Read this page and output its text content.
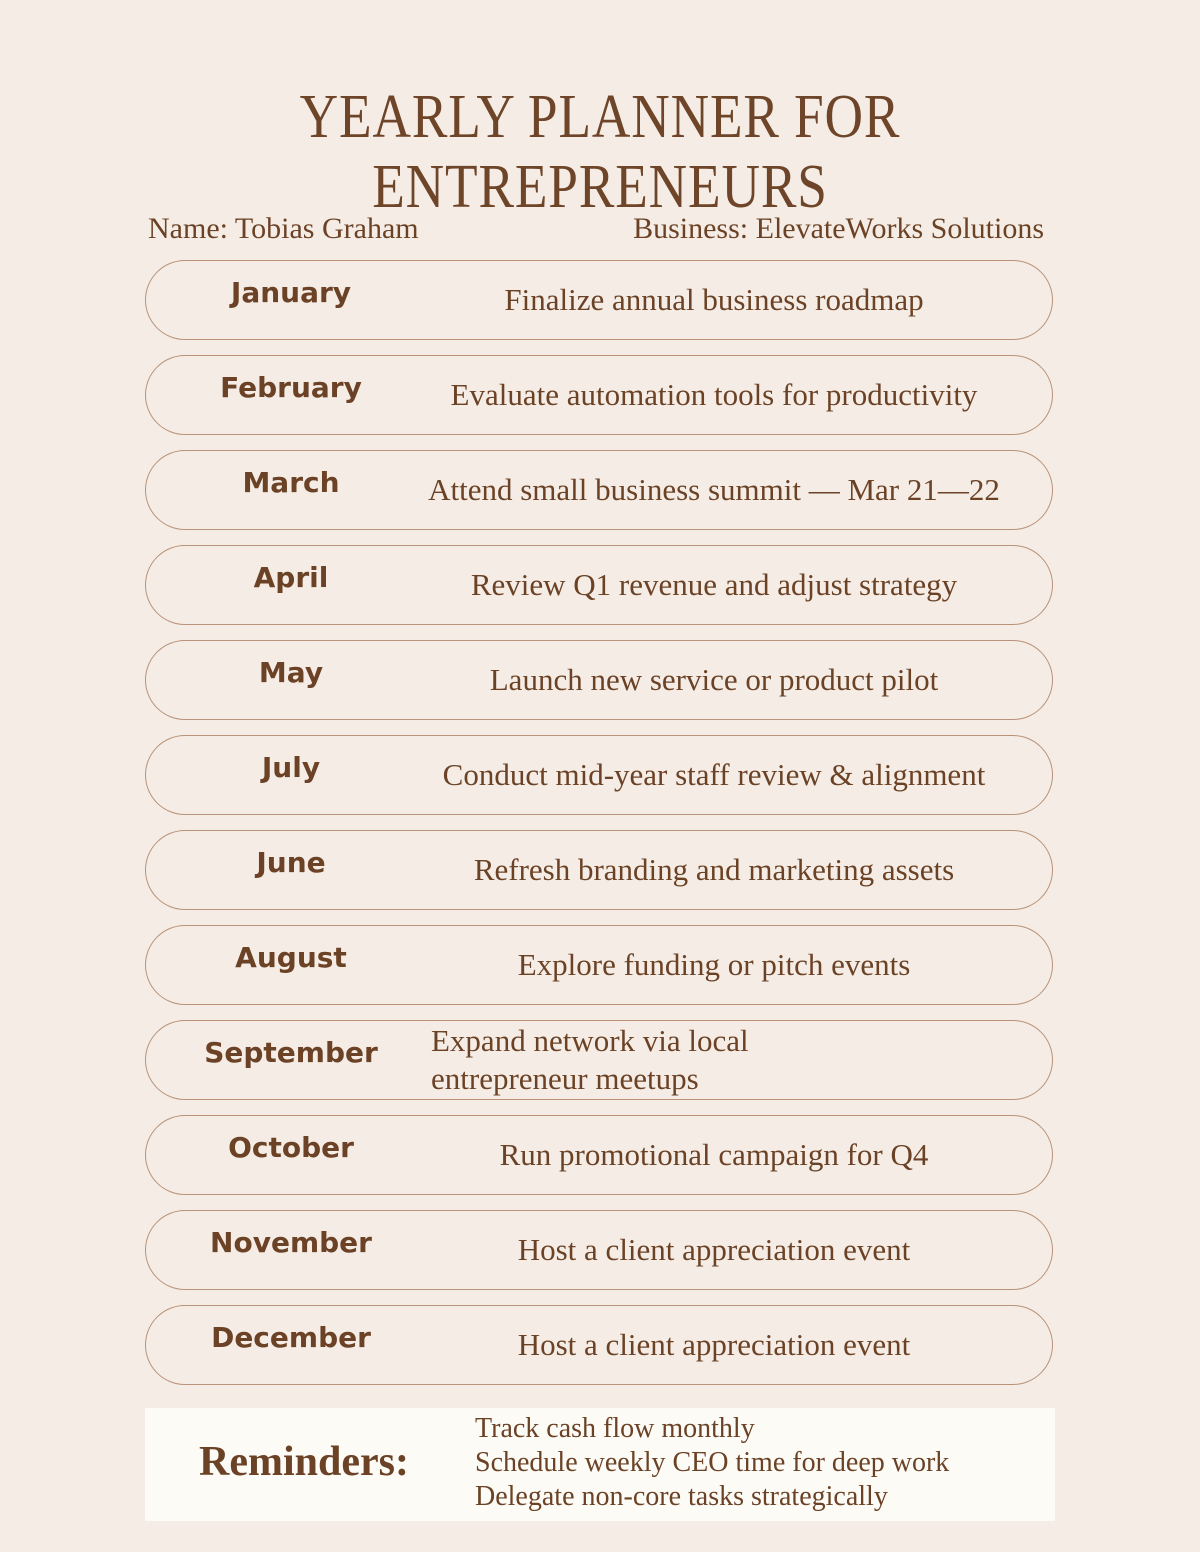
YEARLY PLANNER FOR
ENTREPRENEURS
Name: Tobias Graham	Business: ElevateWorks Solutions
January	Finalize annual business roadmap
February	Evaluate automation tools for productivity
March	Attend small business summit — Mar 21—22
April	Review Q1 revenue and adjust strategy
May	Launch new service or product pilot
July	Conduct mid-year staff review & alignment
June	Refresh branding and marketing assets
August	Explore funding or pitch events
September	Expand network via local entrepreneur meetups
October	Run promotional campaign for Q4
November	Host a client appreciation event
December	Host a client appreciation event
Reminders:
Track cash flow monthly
Schedule weekly CEO time for deep work
Delegate non-core tasks strategically
